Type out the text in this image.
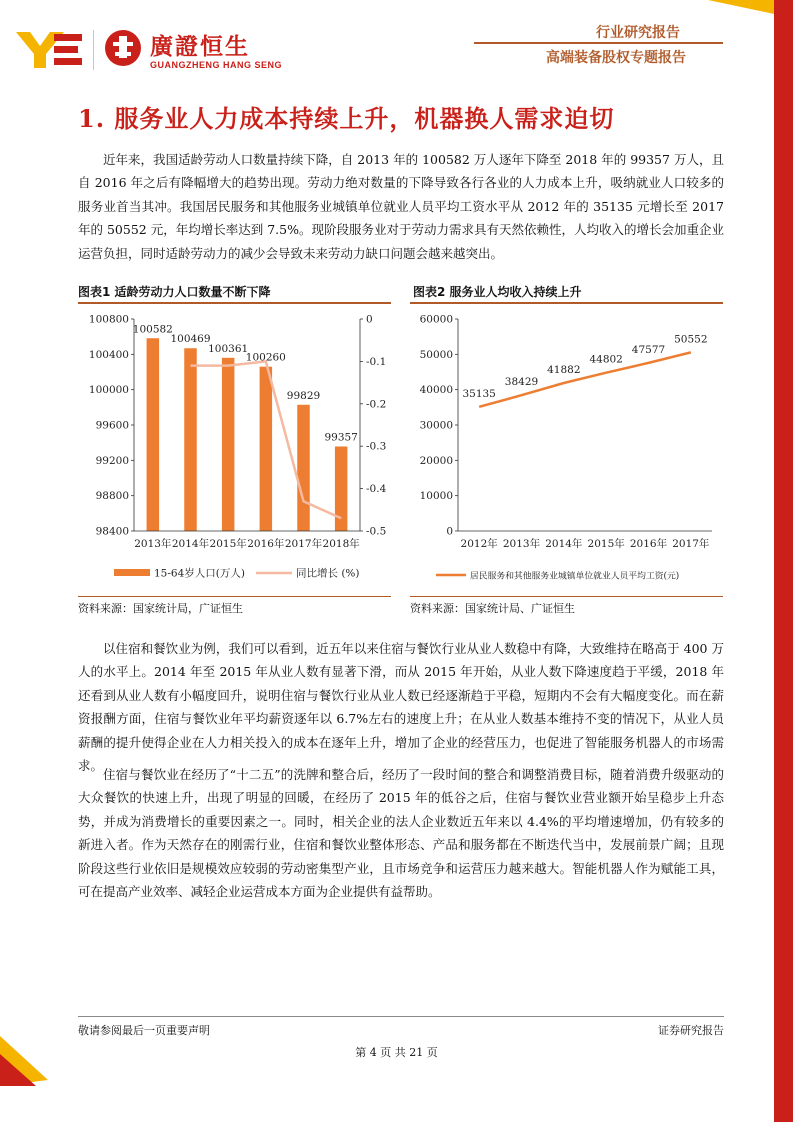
廣證恒生
GUANGZHENG HANG SENG
行业研究报告
高端装备股权专题报告
1. 服务业人力成本持续上升，机器换人需求迫切

近年来，我国适龄劳动人口数量持续下降，自 2013 年的 100582 万人逐年下降至 2018 年的 99357 万人，且自 2016 年之后有降幅增大的趋势出现。劳动力绝对数量的下降导致各行各业的人力成本上升，吸纳就业人口较多的服务业首当其冲。我国居民服务和其他服务业城镇单位就业人员平均工资水平从 2012 年的 35135 元增长至 2017 年的 50552 元，年均增长率达到 7.5%。现阶段服务业对于劳动力需求具有天然依赖性，人均收入的增长会加重企业运营负担，同时适龄劳动力的减少会导致未来劳动力缺口问题会越来越突出。

图表1 适龄劳动力人口数量不断下降	图表2 服务业人均收入持续上升
100582
100469
100361
100260
99829
99357
100800
100400
100000
99600
99200
98800
98400
0
-0.1
-0.2
-0.3
-0.4
-0.5
2013年 2014年 2015年 2016年 2017年 2018年
15-64岁人口(万人)	同比增长 (%)
60000
50000
40000
30000
20000
10000
0
2012年 2013年 2014年 2015年 2016年 2017年
35135
38429
41882
44802
47577
50552
居民服务和其他服务业城镇单位就业人员平均工资(元)
资料来源：国家统计局，广证恒生	资料来源：国家统计局、广证恒生

以住宿和餐饮业为例，我们可以看到，近五年以来住宿与餐饮行业从业人数稳中有降，大致维持在略高于 400 万人的水平上。2014 年至 2015 年从业人数有显著下滑，而从 2015 年开始，从业人数下降速度趋于平缓，2018 年还看到从业人数有小幅度回升，说明住宿与餐饮行业从业人数已经逐渐趋于平稳，短期内不会有大幅度变化。而在薪资报酬方面，住宿与餐饮业年平均薪资逐年以 6.7%左右的速度上升；在从业人数基本维持不变的情况下，从业人员薪酬的提升使得企业在人力相关投入的成本在逐年上升，增加了企业的经营压力，也促进了智能服务机器人的市场需求。

住宿与餐饮业在经历了“十二五”的洗牌和整合后，经历了一段时间的整合和调整消费目标，随着消费升级驱动的大众餐饮的快速上升，出现了明显的回暖，在经历了 2015 年的低谷之后，住宿与餐饮业营业额开始呈稳步上升态势，并成为消费增长的重要因素之一。同时，相关企业的法人企业数近五年来以 4.4%的平均增速增加，仍有较多的新进入者。作为天然存在的刚需行业，住宿和餐饮业整体形态、产品和服务都在不断迭代当中，发展前景广阔；且现阶段这些行业依旧是规模效应较弱的劳动密集型产业，且市场竞争和运营压力越来越大。智能机器人作为赋能工具，可在提高产业效率、减轻企业运营成本方面为企业提供有益帮助。

敬请参阅最后一页重要声明	证券研究报告
第 4 页 共 21 页
